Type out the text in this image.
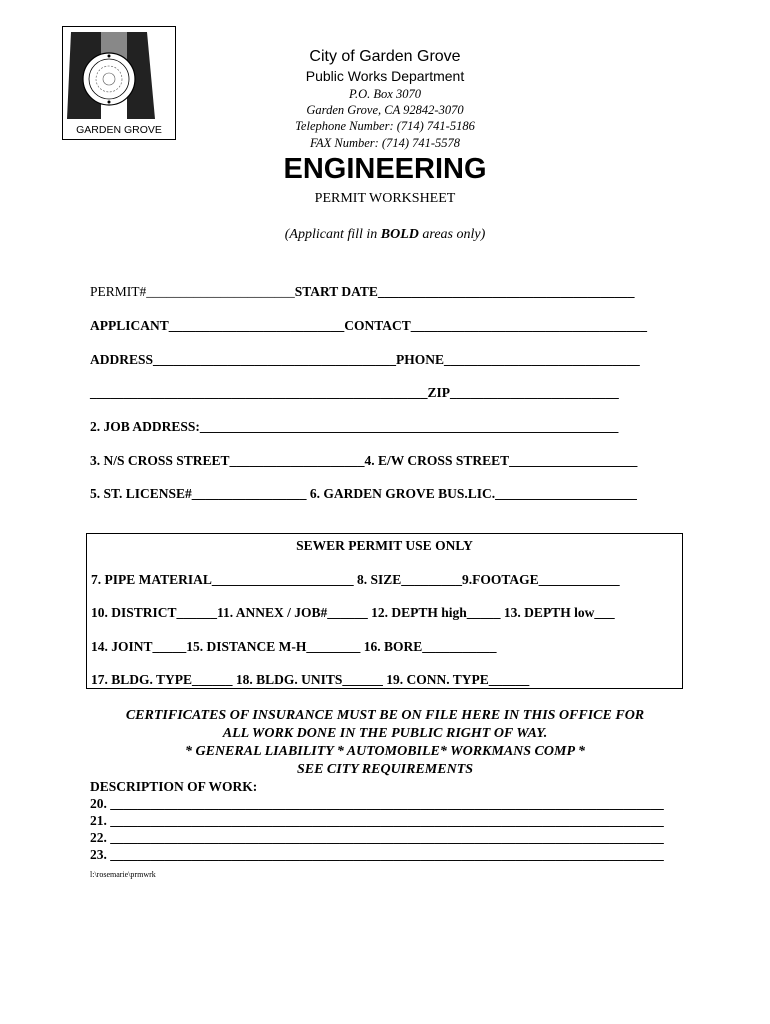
GARDEN GROVE
City of Garden Grove
Public Works Department
P.O. Box 3070
Garden Grove, CA 92842-3070
Telephone Number: (714) 741-5186
FAX Number: (714) 741-5578
ENGINEERING
PERMIT WORKSHEET
(Applicant fill in BOLD areas only)
PERMIT#______________________START DATE______________________________________
APPLICANT__________________________CONTACT___________________________________
ADDRESS____________________________________PHONE_____________________________
__________________________________________________ZIP_________________________
2. JOB ADDRESS:______________________________________________________________
3. N/S CROSS STREET____________________4. E/W CROSS STREET___________________
5. ST. LICENSE#_________________ 6. GARDEN GROVE BUS.LIC._____________________
SEWER PERMIT USE ONLY
7. PIPE MATERIAL_____________________ 8. SIZE_________9.FOOTAGE____________
10. DISTRICT______11. ANNEX / JOB#______ 12. DEPTH high_____ 13. DEPTH low___
14. JOINT_____15. DISTANCE M-H________ 16. BORE___________
17. BLDG. TYPE______ 18. BLDG. UNITS______ 19. CONN. TYPE______
CERTIFICATES OF INSURANCE MUST BE ON FILE HERE IN THIS OFFICE FOR
ALL WORK DONE IN THE PUBLIC RIGHT OF WAY.
* GENERAL LIABILITY * AUTOMOBILE* WORKMANS COMP *
SEE CITY REQUIREMENTS
DESCRIPTION OF WORK:
20. __________________________________________________________________________________
21. __________________________________________________________________________________
22. __________________________________________________________________________________
23. __________________________________________________________________________________
l:\rosemarie\prmwrk
